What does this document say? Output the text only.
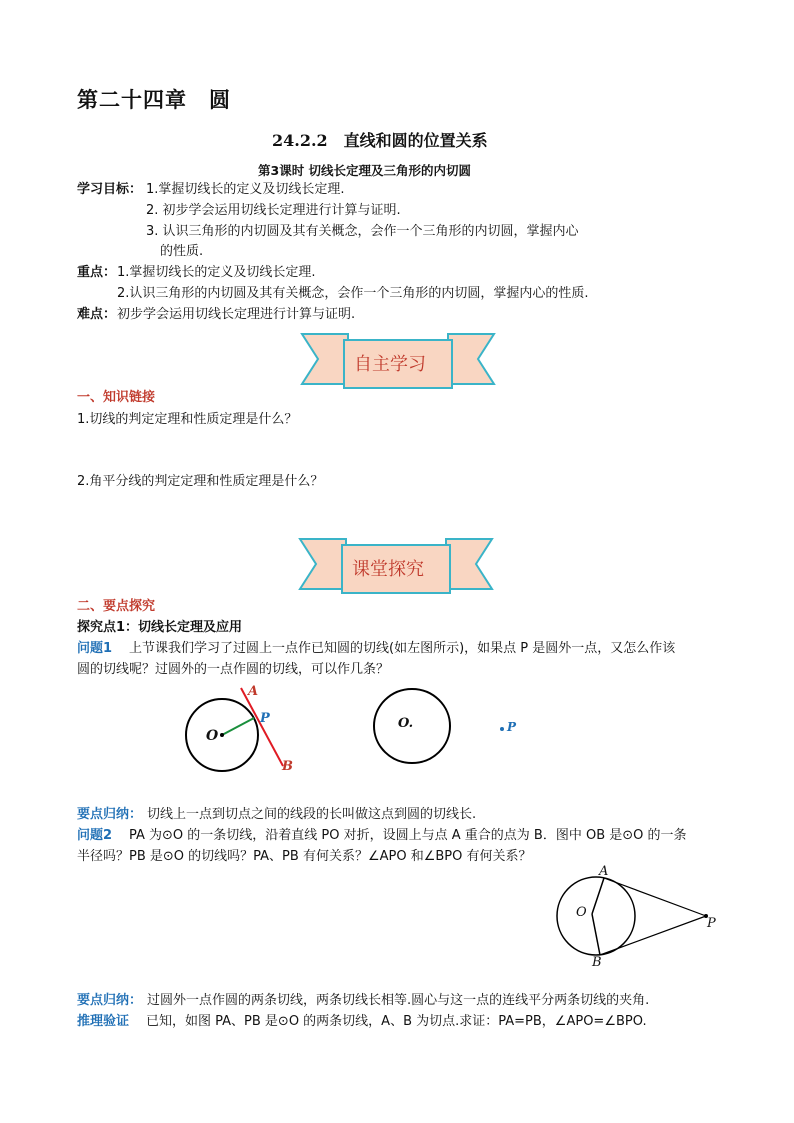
第二十四章　圆
24.2.2　直线和圆的位置关系
第3课时 切线长定理及三角形的内切圆
学习目标： 1.掌握切线长的定义及切线长定理.
2. 初步学会运用切线长定理进行计算与证明.
3. 认识三角形的内切圆及其有关概念，会作一个三角形的内切圆，掌握内心
的性质.
重点： 1.掌握切线长的定义及切线长定理.
2.认识三角形的内切圆及其有关概念，会作一个三角形的内切圆，掌握内心的性质.
难点： 初步学会运用切线长定理进行计算与证明.
自主学习
一、知识链接
1.切线的判定定理和性质定理是什么？
2.角平分线的判定定理和性质定理是什么？
课堂探究
二、要点探究
探究点1：切线长定理及应用
问题1 上节课我们学习了过圆上一点作已知圆的切线(如左图所示)，如果点 P 是圆外一点，又怎么作该
圆的切线呢？过圆外的一点作圆的切线，可以作几条？
O
A
P
B
O.	P
要点归纳： 切线上一点到切点之间的线段的长叫做这点到圆的切线长.
问题2 PA 为⊙O 的一条切线，沿着直线 PO 对折，设圆上与点 A 重合的点为 B．图中 OB 是⊙O 的一条
半径吗？PB 是⊙O 的切线吗？PA、PB 有何关系？∠APO 和∠BPO 有何关系？
A
O
B
P
要点归纳： 过圆外一点作圆的两条切线，两条切线长相等.圆心与这一点的连线平分两条切线的夹角.
推理验证 已知，如图 PA、PB 是⊙O 的两条切线，A、B 为切点.求证：PA=PB，∠APO=∠BPO.
